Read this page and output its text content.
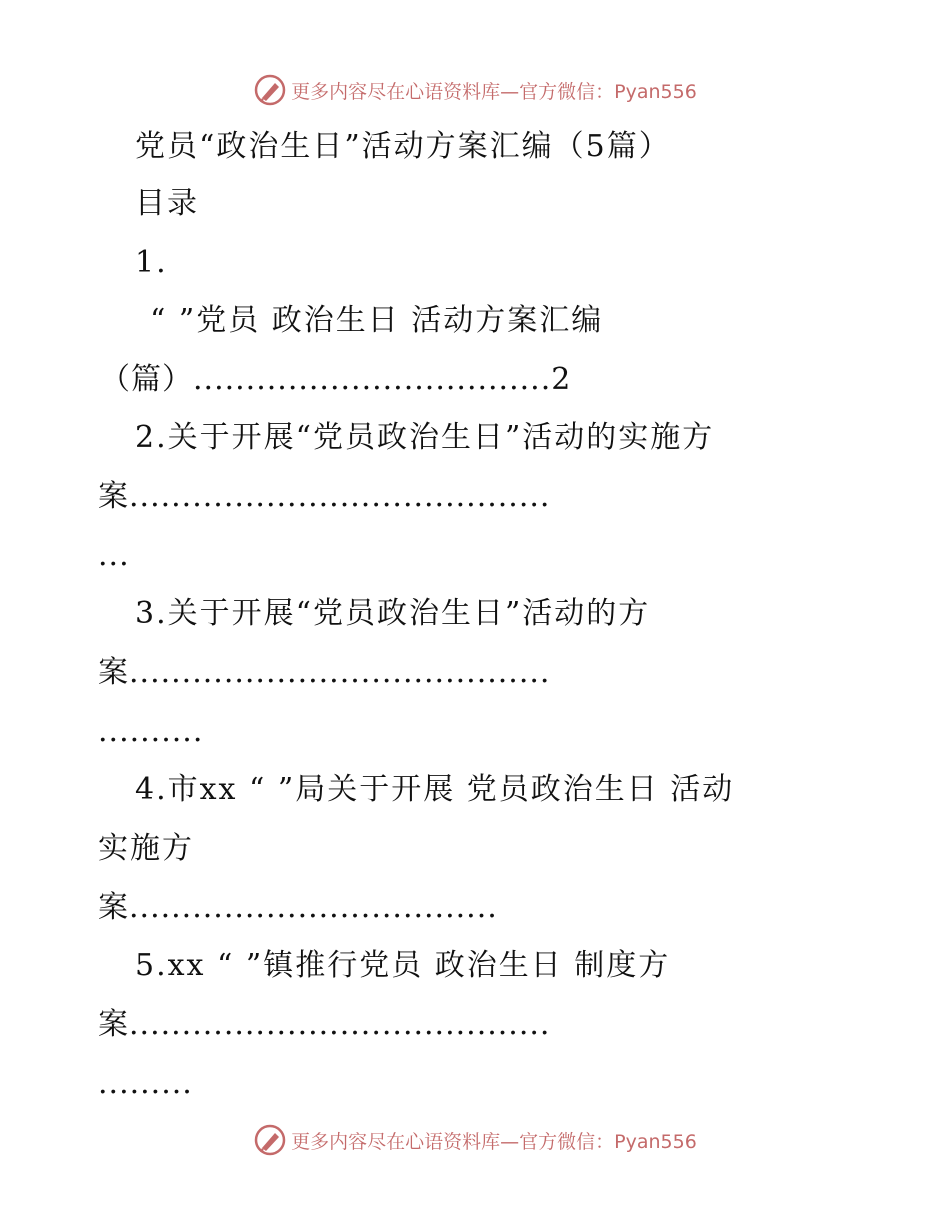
更多内容尽在心语资料库—官方微信：Pyan556
党员“政治生日”活动方案汇编（5篇）
目录
1.
“ ”党员 政治生日 活动方案汇编
（篇）..................................2
2.关于开展“党员政治生日”活动的实施方
案........................................
...
3.关于开展“党员政治生日”活动的方
案........................................
..........
4.市xx “ ”局关于开展 党员政治生日 活动
实施方
案...................................
5.xx “ ”镇推行党员 政治生日 制度方
案........................................
.........
更多内容尽在心语资料库—官方微信：Pyan556
